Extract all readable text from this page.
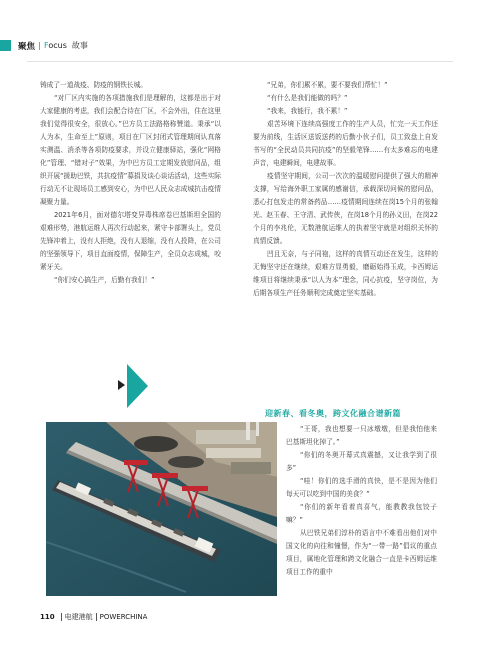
聚焦 Focus 故事

铸成了一道战疫、防疫的钢铁长城。

“对厂区内实施的各项措施我们是理解的，这都是出于对大家健康的考虑，我们会配合待在厂区，不会外出，住在这里我们觉得很安全，很放心。”巴方员工法路格称赞道。秉承“以人为本，生命至上”原则，项目在厂区封闭式管理期间认真落实测温、消杀等各项防疫要求，并设立健康驿站，强化“网格化”管理、“错对子”效果，为中巴方员工定期发放慰问品，组织开展“援助巴铁，共抗疫情”募捐及谈心谈话活动，这些实际行动无不让现场员工感到安心，为中巴人民众志成城抗击疫情凝聚力量。

2021年6月，面对德尔塔变异毒株席卷巴基斯坦全国的艰难形势，港航运维人再次行动起来，紧守卡部署头上，党员先锋冲着上，没有人拒绝，没有人退缩，没有人投降，在公司的坚强领导下，项目直面疫情，保障生产，全员众志成城，咬紧牙关。

“你们安心搞生产，后勤有我们！”

“兄弟，你们累不累，要不要我们帮忙！”

“有什么是我们能做的吗？”

“我来，我能行，我不累！”

艰苦环境下连续高强度工作的生产人员，忙完一天工作还要为前线，生活区送饭送药的后勤小伙子们，员工致盘上自发书写的“全民动员共同抗疫”的坚毅笔锋……有太多难忘的电建声音，电建瞬间，电建故事。

疫情坚守期间，公司一次次的温暖慰问提供了强大的精神支撑，写给海外职工家属的感谢信，承载深切问候的慰问品，悉心打包发走的常备药品……疫情期间连续在岗15个月的张翰光、赵玉春、王守清、武传侠，在岗18个月的孙义田，在岗22个月的李兆伦，无数港航运维人的执着坚守就是对组织关怀的真情反馈。

凹且无奈，与子同袍，这样的真情互动还在发生，这样的无悔坚守还在继续，艰难方显勇毅，磨砺始得玉成，卡西姆运维项目将继续秉承“以人为本”理念，同心抗疫，坚守岗位，为后期各项生产任务顺利完成奠定坚实基础。

迎新春、看冬奥，跨文化融合谱新篇

“王哥，我也想要一只冰墩墩，但是我怕他来巴基斯坦化掉了。”

“你们的冬奥开幕式真震撼，又让我学到了很多”

“哇！你们的选手滑的真快，是不是因为他们每天可以吃到中国的美食？”

“你们的新年看着真喜气，能教教我包饺子嘛？”

从巴铁兄弟们淳朴的语言中不难看出他们对中国文化的向往和憧憬，作为“一带一路”倡议的重点项目，属地化管理和跨文化融合一直是卡西姆运维项目工作的重中

110 电建港航 POWERCHINA
